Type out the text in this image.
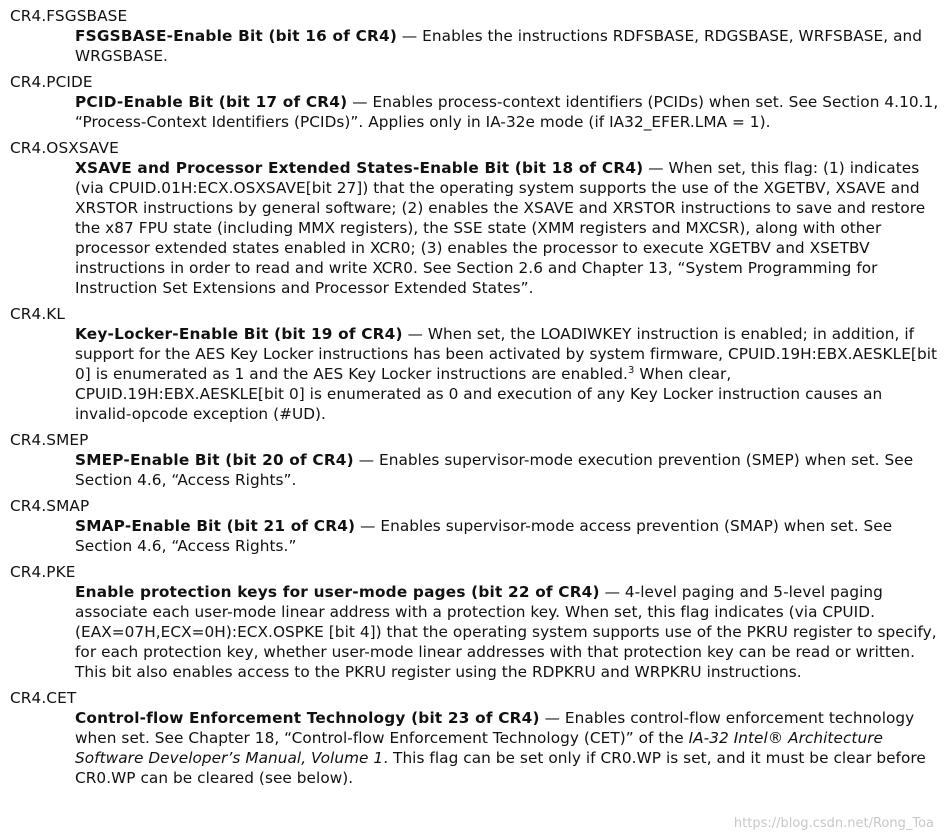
CR4.FSGSBASE
FSGSBASE-Enable Bit (bit 16 of CR4) — Enables the instructions RDFSBASE, RDGSBASE, WRFSBASE, and WRGSBASE.
CR4.PCIDE
PCID-Enable Bit (bit 17 of CR4) — Enables process-context identifiers (PCIDs) when set. See Section 4.10.1, “Process-Context Identifiers (PCIDs)”. Applies only in IA-32e mode (if IA32_EFER.LMA = 1).
CR4.OSXSAVE
XSAVE and Processor Extended States-Enable Bit (bit 18 of CR4) — When set, this flag: (1) indicates (via CPUID.01H:ECX.OSXSAVE[bit 27]) that the operating system supports the use of the XGETBV, XSAVE and XRSTOR instructions by general software; (2) enables the XSAVE and XRSTOR instructions to save and restore the x87 FPU state (including MMX registers), the SSE state (XMM registers and MXCSR), along with other processor extended states enabled in XCR0; (3) enables the processor to execute XGETBV and XSETBV instructions in order to read and write XCR0. See Section 2.6 and Chapter 13, “System Programming for Instruction Set Extensions and Processor Extended States”.
CR4.KL
Key-Locker-Enable Bit (bit 19 of CR4) — When set, the LOADIWKEY instruction is enabled; in addition, if support for the AES Key Locker instructions has been activated by system firmware, CPUID.19H:EBX.AESKLE[bit 0] is enumerated as 1 and the AES Key Locker instructions are enabled.$^3$ When clear, CPUID.19H:EBX.AESKLE[bit 0] is enumerated as 0 and execution of any Key Locker instruction causes an invalid-opcode exception (#UD).
CR4.SMEP
SMEP-Enable Bit (bit 20 of CR4) — Enables supervisor-mode execution prevention (SMEP) when set. See Section 4.6, “Access Rights”.
CR4.SMAP
SMAP-Enable Bit (bit 21 of CR4) — Enables supervisor-mode access prevention (SMAP) when set. See Section 4.6, “Access Rights.”
CR4.PKE
Enable protection keys for user-mode pages (bit 22 of CR4) — 4-level paging and 5-level paging associate each user-mode linear address with a protection key. When set, this flag indicates (via CPUID.(EAX=07H,ECX=0H):ECX.OSPKE [bit 4]) that the operating system supports use of the PKRU register to specify, for each protection key, whether user-mode linear addresses with that protection key can be read or written. This bit also enables access to the PKRU register using the RDPKRU and WRPKRU instructions.
CR4.CET
Control-flow Enforcement Technology (bit 23 of CR4) — Enables control-flow enforcement technology when set. See Chapter 18, “Control-flow Enforcement Technology (CET)” of the IA-32 Intel® Architecture Software Developer’s Manual, Volume 1. This flag can be set only if CR0.WP is set, and it must be clear before CR0.WP can be cleared (see below).
https://blog.csdn.net/Rong_Toa
